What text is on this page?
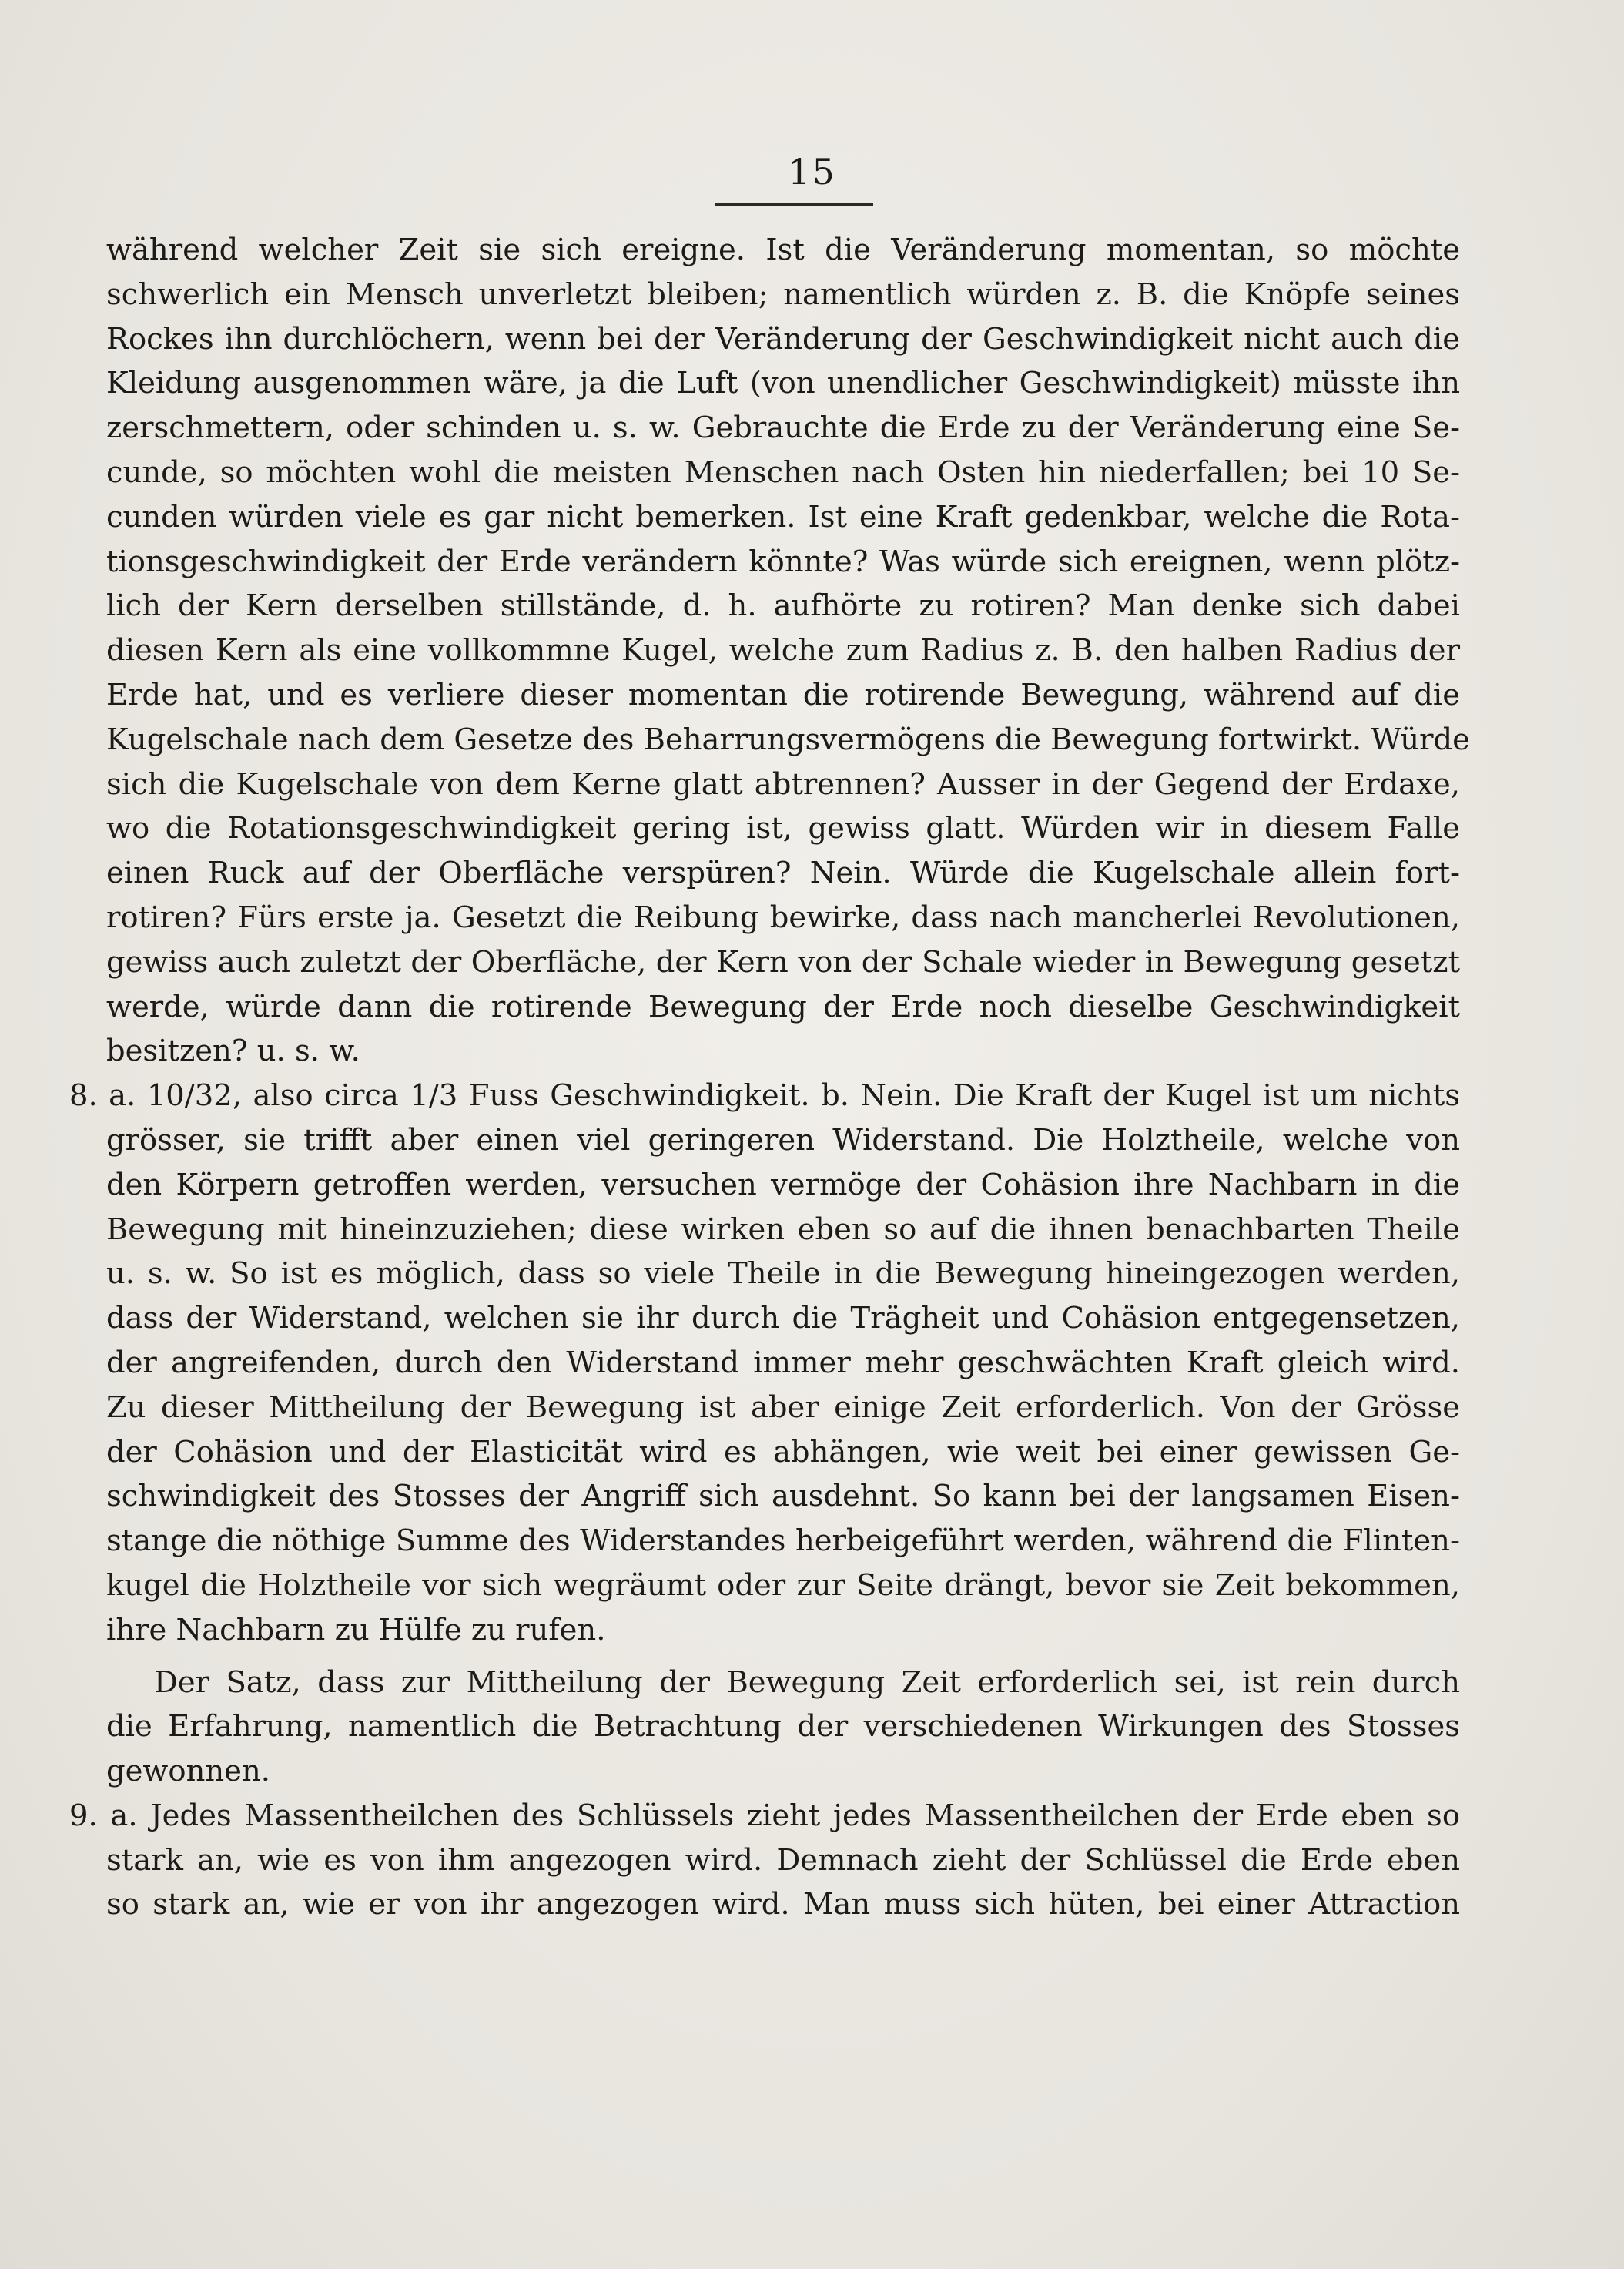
15
während welcher Zeit sie sich ereigne. Ist die Veränderung momentan, so möchte
schwerlich ein Mensch unverletzt bleiben; namentlich würden z. B. die Knöpfe seines
Rockes ihn durchlöchern, wenn bei der Veränderung der Geschwindigkeit nicht auch die
Kleidung ausgenommen wäre, ja die Luft (von unendlicher Geschwindigkeit) müsste ihn
zerschmettern, oder schinden u. s. w. Gebrauchte die Erde zu der Veränderung eine Se-
cunde, so möchten wohl die meisten Menschen nach Osten hin niederfallen; bei 10 Se-
cunden würden viele es gar nicht bemerken. Ist eine Kraft gedenkbar, welche die Rota-
tionsgeschwindigkeit der Erde verändern könnte? Was würde sich ereignen, wenn plötz-
lich der Kern derselben stillstände, d. h. aufhörte zu rotiren? Man denke sich dabei
diesen Kern als eine vollkommne Kugel, welche zum Radius z. B. den halben Radius der
Erde hat, und es verliere dieser momentan die rotirende Bewegung, während auf die
Kugelschale nach dem Gesetze des Beharrungsvermögens die Bewegung fortwirkt. Würde
sich die Kugelschale von dem Kerne glatt abtrennen? Ausser in der Gegend der Erdaxe,
wo die Rotationsgeschwindigkeit gering ist, gewiss glatt. Würden wir in diesem Falle
einen Ruck auf der Oberfläche verspüren? Nein. Würde die Kugelschale allein fort-
rotiren? Fürs erste ja. Gesetzt die Reibung bewirke, dass nach mancherlei Revolutionen,
gewiss auch zuletzt der Oberfläche, der Kern von der Schale wieder in Bewegung gesetzt
werde, würde dann die rotirende Bewegung der Erde noch dieselbe Geschwindigkeit
besitzen? u. s. w.
8. a. 10/32, also circa 1/3 Fuss Geschwindigkeit. b. Nein. Die Kraft der Kugel ist um nichts
grösser, sie trifft aber einen viel geringeren Widerstand. Die Holztheile, welche von
den Körpern getroffen werden, versuchen vermöge der Cohäsion ihre Nachbarn in die
Bewegung mit hineinzuziehen; diese wirken eben so auf die ihnen benachbarten Theile
u. s. w. So ist es möglich, dass so viele Theile in die Bewegung hineingezogen werden,
dass der Widerstand, welchen sie ihr durch die Trägheit und Cohäsion entgegensetzen,
der angreifenden, durch den Widerstand immer mehr geschwächten Kraft gleich wird.
Zu dieser Mittheilung der Bewegung ist aber einige Zeit erforderlich. Von der Grösse
der Cohäsion und der Elasticität wird es abhängen, wie weit bei einer gewissen Ge-
schwindigkeit des Stosses der Angriff sich ausdehnt. So kann bei der langsamen Eisen-
stange die nöthige Summe des Widerstandes herbeigeführt werden, während die Flinten-
kugel die Holztheile vor sich wegräumt oder zur Seite drängt, bevor sie Zeit bekommen,
ihre Nachbarn zu Hülfe zu rufen.
Der Satz, dass zur Mittheilung der Bewegung Zeit erforderlich sei, ist rein durch
die Erfahrung, namentlich die Betrachtung der verschiedenen Wirkungen des Stosses
gewonnen.
9. a. Jedes Massentheilchen des Schlüssels zieht jedes Massentheilchen der Erde eben so
stark an, wie es von ihm angezogen wird. Demnach zieht der Schlüssel die Erde eben
so stark an, wie er von ihr angezogen wird. Man muss sich hüten, bei einer Attraction
